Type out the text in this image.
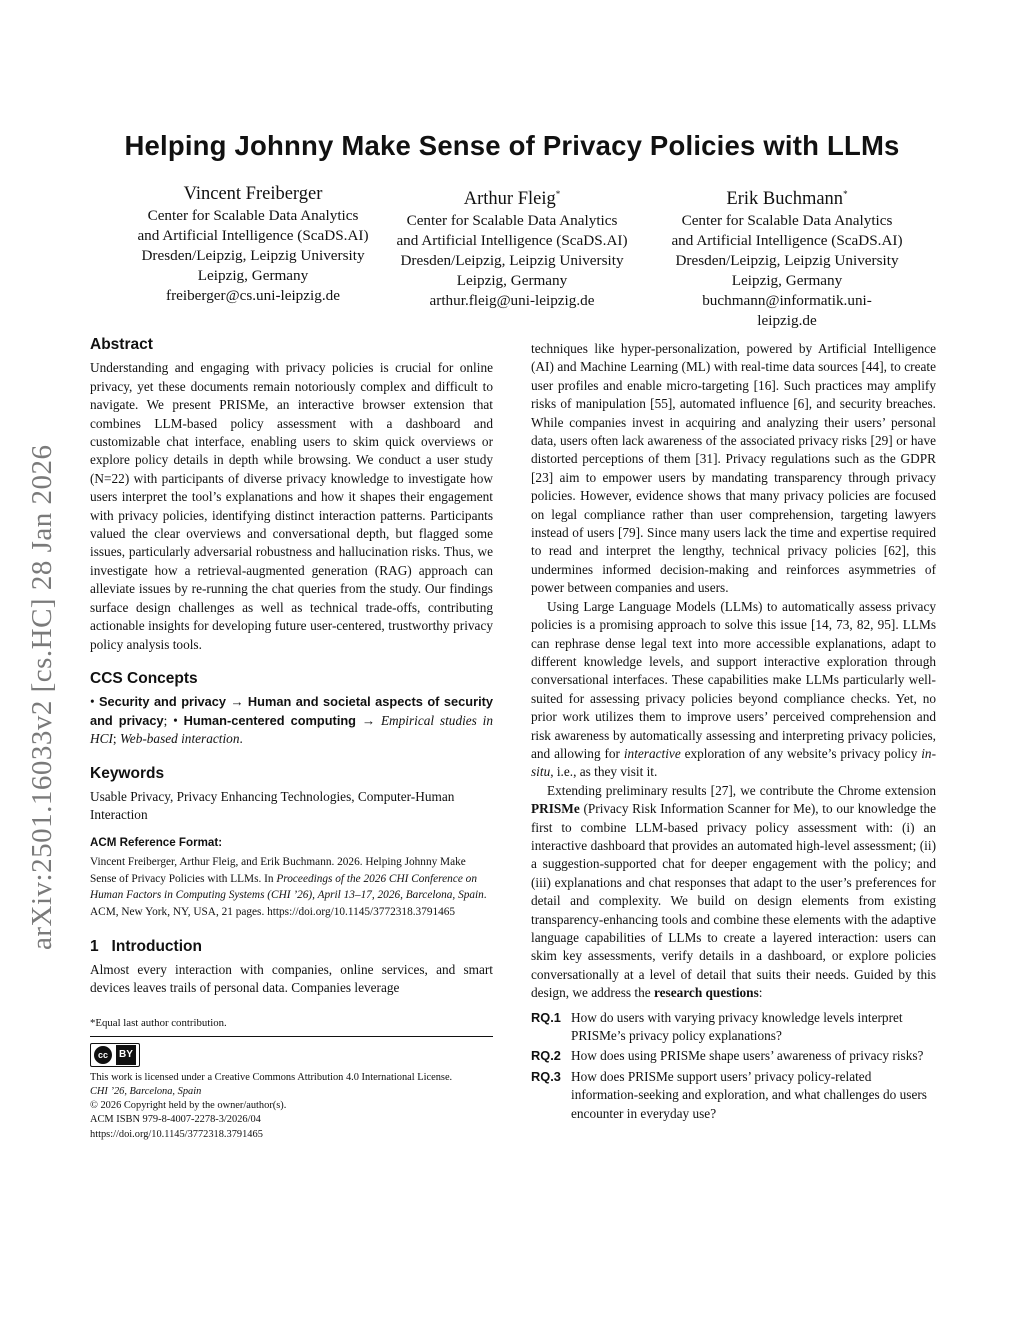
arXiv:2501.16033v2 [cs.HC] 28 Jan 2026
Helping Johnny Make Sense of Privacy Policies with LLMs
Vincent Freiberger
Center for Scalable Data Analytics
and Artificial Intelligence (ScaDS.AI)
Dresden/Leipzig, Leipzig University
Leipzig, Germany
freiberger@cs.uni-leipzig.de
Arthur Fleig*
Center for Scalable Data Analytics
and Artificial Intelligence (ScaDS.AI)
Dresden/Leipzig, Leipzig University
Leipzig, Germany
arthur.fleig@uni-leipzig.de
Erik Buchmann*
Center for Scalable Data Analytics
and Artificial Intelligence (ScaDS.AI)
Dresden/Leipzig, Leipzig University
Leipzig, Germany
buchmann@informatik.uni-
leipzig.de
Abstract

Understanding and engaging with privacy policies is crucial for online privacy, yet these documents remain notoriously complex and difficult to navigate. We present PRISMe, an interactive browser extension that combines LLM-based policy assessment with a dashboard and customizable chat interface, enabling users to skim quick overviews or explore policy details in depth while browsing. We conduct a user study (N=22) with participants of diverse privacy knowledge to investigate how users interpret the tool’s explanations and how it shapes their engagement with privacy policies, identifying distinct interaction patterns. Participants valued the clear overviews and conversational depth, but flagged some issues, particularly adversarial robustness and hallucination risks. Thus, we investigate how a retrieval-augmented generation (RAG) approach can alleviate issues by re-running the chat queries from the study. Our findings surface design challenges as well as technical trade-offs, contributing actionable insights for developing future user-centered, trustworthy privacy policy analysis tools.

CCS Concepts

• Security and privacy → Human and societal aspects of security and privacy; • Human-centered computing → Empirical studies in HCI; Web-based interaction.

Keywords

Usable Privacy, Privacy Enhancing Technologies, Computer-Human Interaction

ACM Reference Format:

Vincent Freiberger, Arthur Fleig, and Erik Buchmann. 2026. Helping Johnny Make Sense of Privacy Policies with LLMs. In Proceedings of the 2026 CHI Conference on Human Factors in Computing Systems (CHI ’26), April 13–17, 2026, Barcelona, Spain. ACM, New York, NY, USA, 21 pages. https://doi.org/10.1145/3772318.3791465

1 Introduction

Almost every interaction with companies, online services, and smart devices leaves trails of personal data. Companies leverage

*Equal last author contribution.
cc	BY
This work is licensed under a Creative Commons Attribution 4.0 International License.
CHI ’26, Barcelona, Spain
© 2026 Copyright held by the owner/author(s).
ACM ISBN 979-8-4007-2278-3/2026/04
https://doi.org/10.1145/3772318.3791465

techniques like hyper-personalization, powered by Artificial Intelligence (AI) and Machine Learning (ML) with real-time data sources [44], to create user profiles and enable micro-targeting [16]. Such practices may amplify risks of manipulation [55], automated influence [6], and security breaches. While companies invest in acquiring and analyzing their users’ personal data, users often lack awareness of the associated privacy risks [29] or have distorted perceptions of them [31]. Privacy regulations such as the GDPR [23] aim to empower users by mandating transparency through privacy policies. However, evidence shows that many privacy policies are focused on legal compliance rather than user comprehension, targeting lawyers instead of users [79]. Since many users lack the time and expertise required to read and interpret the lengthy, technical privacy policies [62], this undermines informed decision-making and reinforces asymmetries of power between companies and users.

Using Large Language Models (LLMs) to automatically assess privacy policies is a promising approach to solve this issue [14, 73, 82, 95]. LLMs can rephrase dense legal text into more accessible explanations, adapt to different knowledge levels, and support interactive exploration through conversational interfaces. These capabilities make LLMs particularly well-suited for assessing privacy policies beyond compliance checks. Yet, no prior work utilizes them to improve users’ perceived comprehension and risk awareness by automatically assessing and interpreting privacy policies, and allowing for interactive exploration of any website’s privacy policy in-situ, i.e., as they visit it.

Extending preliminary results [27], we contribute the Chrome extension PRISMe (Privacy Risk Information Scanner for Me), to our knowledge the first to combine LLM-based privacy policy assessment with: (i) an interactive dashboard that provides an automated high-level assessment; (ii) a suggestion-supported chat for deeper engagement with the policy; and (iii) explanations and chat responses that adapt to the user’s preferences for detail and complexity. We build on design elements from existing transparency-enhancing tools and combine these elements with the adaptive language capabilities of LLMs to create a layered interaction: users can skim key assessments, verify details in a dashboard, or explore policies conversationally at a level of detail that suits their needs. Guided by this design, we address the research questions:

RQ.1 How do users with varying privacy knowledge levels interpret PRISMe’s privacy policy explanations?
RQ.2 How does using PRISMe shape users’ awareness of privacy risks?
RQ.3 How does PRISMe support users’ privacy policy-related information-seeking and exploration, and what challenges do users encounter in everyday use?
